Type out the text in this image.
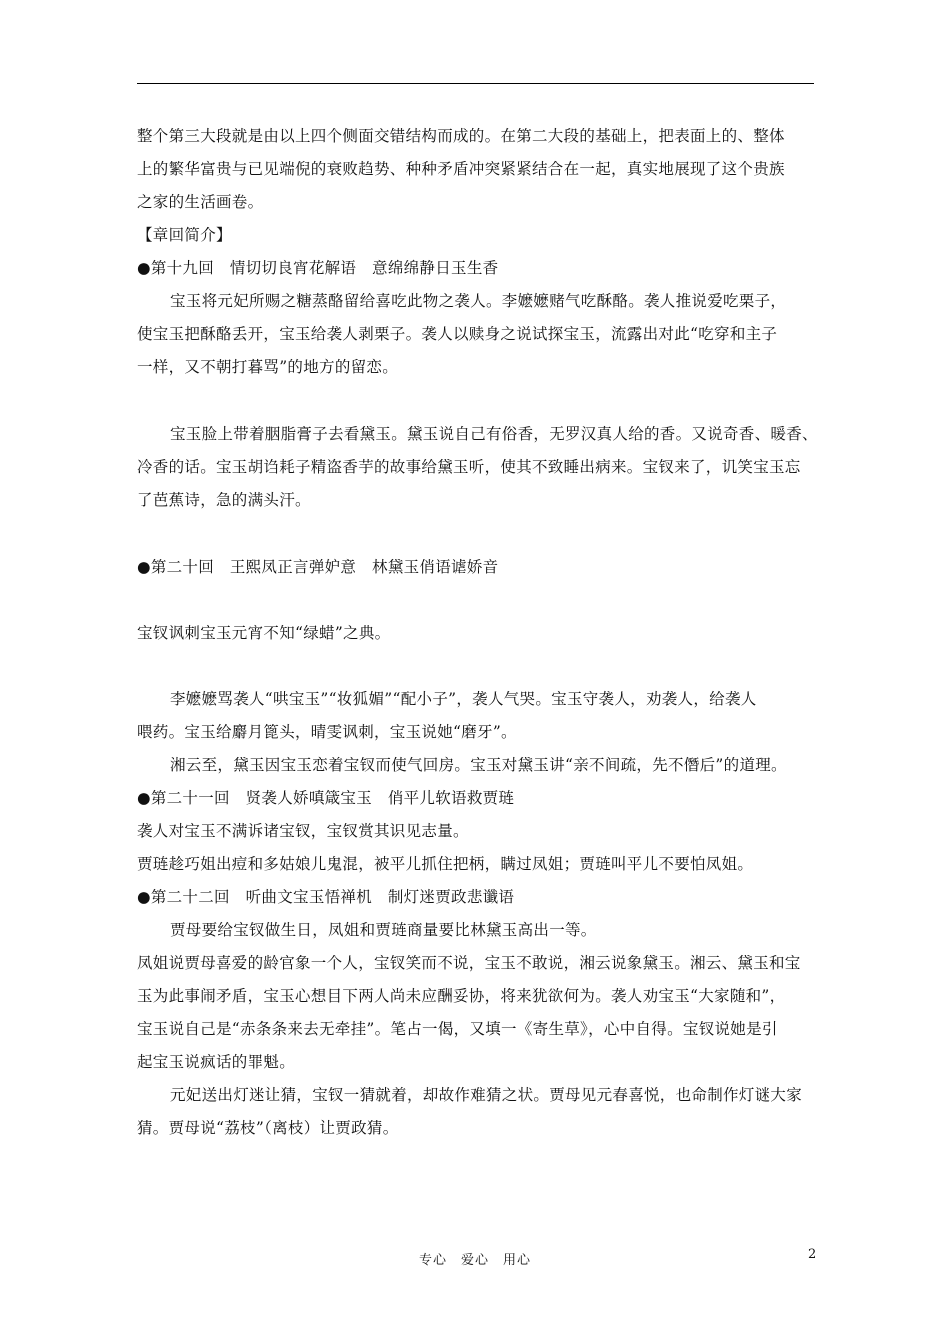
整个第三大段就是由以上四个侧面交错结构而成的。在第二大段的基础上，把表面上的、整体
上的繁华富贵与已见端倪的衰败趋势、种种矛盾冲突紧紧结合在一起，真实地展现了这个贵族
之家的生活画卷。
【章回简介】
●第十九回　情切切良宵花解语　意绵绵静日玉生香
宝玉将元妃所赐之糖蒸酪留给喜吃此物之袭人。李嬷嬷赌气吃酥酪。袭人推说爱吃栗子，
使宝玉把酥酪丢开，宝玉给袭人剥栗子。袭人以赎身之说试探宝玉，流露出对此“吃穿和主子
一样，又不朝打暮骂”的地方的留恋。
宝玉脸上带着胭脂膏子去看黛玉。黛玉说自己有俗香，无罗汉真人给的香。又说奇香、暖香、
冷香的话。宝玉胡诌耗子精盗香芋的故事给黛玉听，使其不致睡出病来。宝钗来了，讥笑宝玉忘
了芭蕉诗，急的满头汗。
●第二十回　王熙凤正言弹妒意　林黛玉俏语谑娇音
宝钗讽刺宝玉元宵不知“绿蜡”之典。
李嬷嬷骂袭人“哄宝玉”“妆狐媚”“配小子”，袭人气哭。宝玉守袭人，劝袭人，给袭人
喂药。宝玉给麝月篦头，晴雯讽刺，宝玉说她“磨牙”。
湘云至，黛玉因宝玉恋着宝钗而使气回房。宝玉对黛玉讲“亲不间疏，先不僭后”的道理。
●第二十一回　贤袭人娇嗔箴宝玉　俏平儿软语救贾琏
袭人对宝玉不满诉诸宝钗，宝钗赏其识见志量。
贾琏趁巧姐出痘和多姑娘儿鬼混，被平儿抓住把柄，瞒过凤姐；贾琏叫平儿不要怕凤姐。
●第二十二回　听曲文宝玉悟禅机　制灯迷贾政悲谶语
贾母要给宝钗做生日，凤姐和贾琏商量要比林黛玉高出一等。
凤姐说贾母喜爱的龄官象一个人，宝钗笑而不说，宝玉不敢说，湘云说象黛玉。湘云、黛玉和宝
玉为此事闹矛盾，宝玉心想目下两人尚未应酬妥协，将来犹欲何为。袭人劝宝玉“大家随和”，
宝玉说自己是“赤条条来去无牵挂”。笔占一偈，又填一《寄生草》，心中自得。宝钗说她是引
起宝玉说疯话的罪魁。
元妃送出灯迷让猜，宝钗一猜就着，却故作难猜之状。贾母见元春喜悦，也命制作灯谜大家
猜。贾母说“荔枝”（离枝）让贾政猜。
专心　爱心　用心	2
